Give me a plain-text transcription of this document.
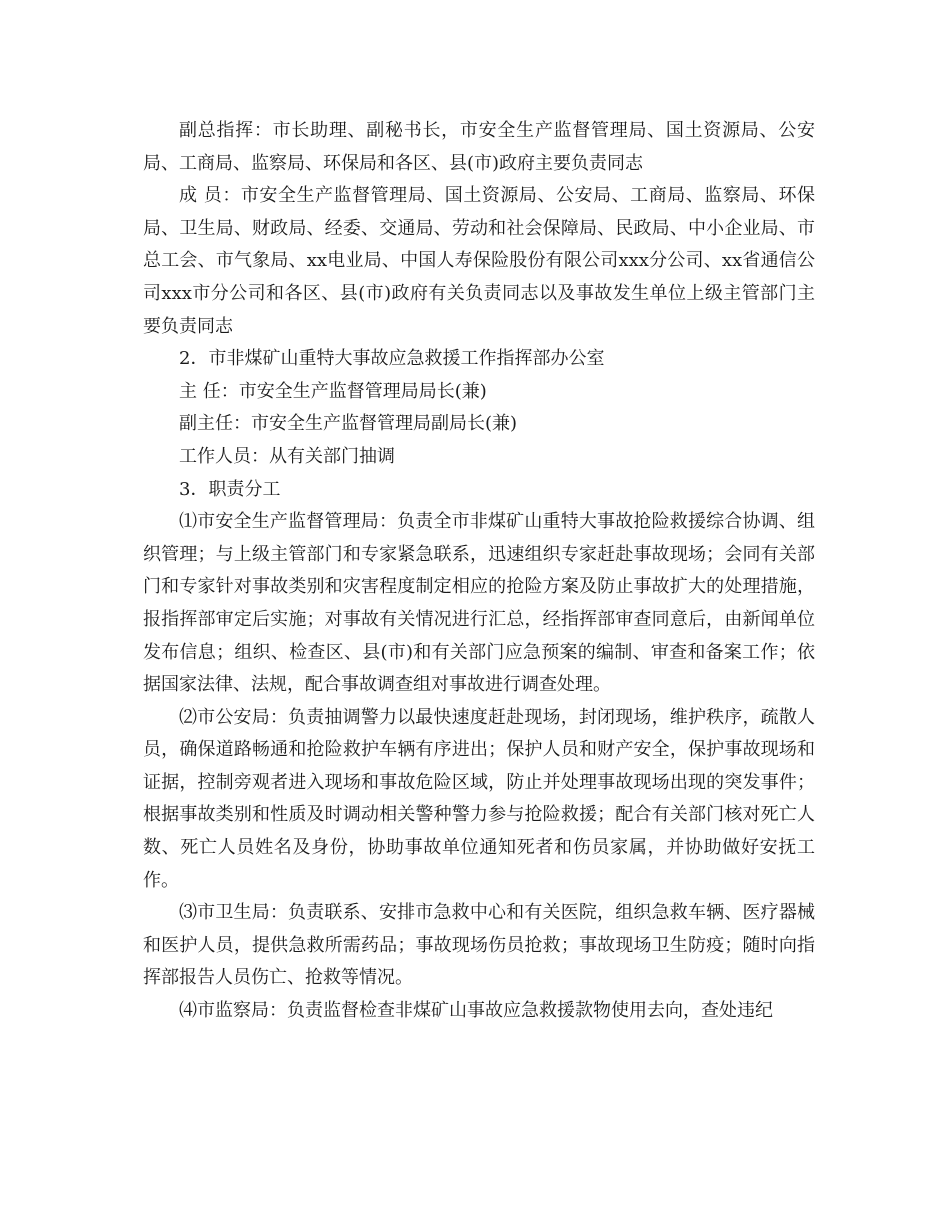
副总指挥：市长助理、副秘书长，市安全生产监督管理局、国土资源局、公安局、工商局、监察局、环保局和各区、县(市)政府主要负责同志

成 员：市安全生产监督管理局、国土资源局、公安局、工商局、监察局、环保局、卫生局、财政局、经委、交通局、劳动和社会保障局、民政局、中小企业局、市总工会、市气象局、xx电业局、中国人寿保险股份有限公司xxx分公司、xx省通信公司xxx市分公司和各区、县(市)政府有关负责同志以及事故发生单位上级主管部门主要负责同志

2．市非煤矿山重特大事故应急救援工作指挥部办公室

主 任：市安全生产监督管理局局长(兼)

副主任：市安全生产监督管理局副局长(兼)

工作人员：从有关部门抽调

3．职责分工

⑴市安全生产监督管理局：负责全市非煤矿山重特大事故抢险救援综合协调、组织管理；与上级主管部门和专家紧急联系，迅速组织专家赶赴事故现场；会同有关部门和专家针对事故类别和灾害程度制定相应的抢险方案及防止事故扩大的处理措施，报指挥部审定后实施；对事故有关情况进行汇总，经指挥部审查同意后，由新闻单位发布信息；组织、检查区、县(市)和有关部门应急预案的编制、审查和备案工作；依据国家法律、法规，配合事故调查组对事故进行调查处理。

⑵市公安局：负责抽调警力以最快速度赶赴现场，封闭现场，维护秩序，疏散人员，确保道路畅通和抢险救护车辆有序进出；保护人员和财产安全，保护事故现场和证据，控制旁观者进入现场和事故危险区域，防止并处理事故现场出现的突发事件；根据事故类别和性质及时调动相关警种警力参与抢险救援；配合有关部门核对死亡人数、死亡人员姓名及身份，协助事故单位通知死者和伤员家属，并协助做好安抚工作。

⑶市卫生局：负责联系、安排市急救中心和有关医院，组织急救车辆、医疗器械和医护人员，提供急救所需药品；事故现场伤员抢救；事故现场卫生防疫；随时向指挥部报告人员伤亡、抢救等情况。

⑷市监察局：负责监督检查非煤矿山事故应急救援款物使用去向，查处违纪
